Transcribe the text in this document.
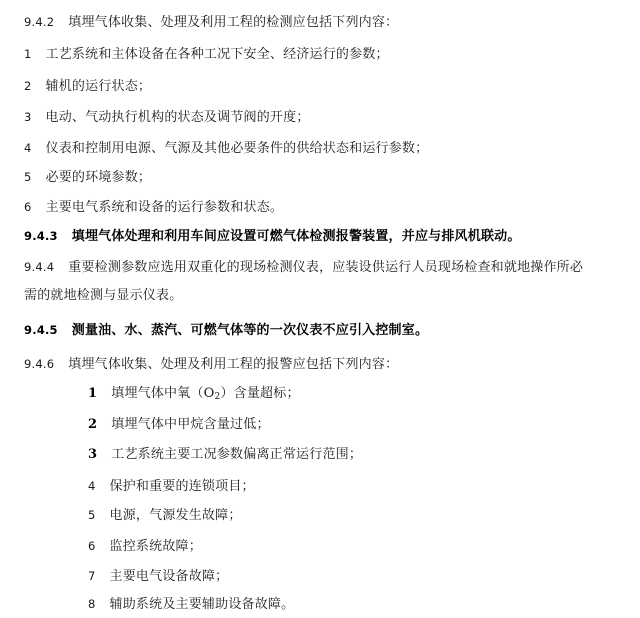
9.4.2 填埋气体收集、处理及利用工程的检测应包括下列内容：
1 工艺系统和主体设备在各种工况下安全、经济运行的参数；
2 辅机的运行状态；
3 电动、气动执行机构的状态及调节阀的开度；
4 仪表和控制用电源、气源及其他必要条件的供给状态和运行参数；
5 必要的环境参数；
6 主要电气系统和设备的运行参数和状态。
9.4.3 填埋气体处理和利用车间应设置可燃气体检测报警装置，并应与排风机联动。
9.4.4 重要检测参数应选用双重化的现场检测仪表，应装设供运行人员现场检查和就地操作所必
需的就地检测与显示仪表。
9.4.5 测量油、水、蒸汽、可燃气体等的一次仪表不应引入控制室。
9.4.6 填埋气体收集、处理及利用工程的报警应包括下列内容：
1 填埋气体中氧$(O_2)$含量超标；
2 填埋气体中甲烷含量过低；
3 工艺系统主要工况参数偏离正常运行范围；
4 保护和重要的连锁项目；
5 电源，气源发生故障；
6 监控系统故障；
7 主要电气设备故障；
8 辅助系统及主要辅助设备故障。
